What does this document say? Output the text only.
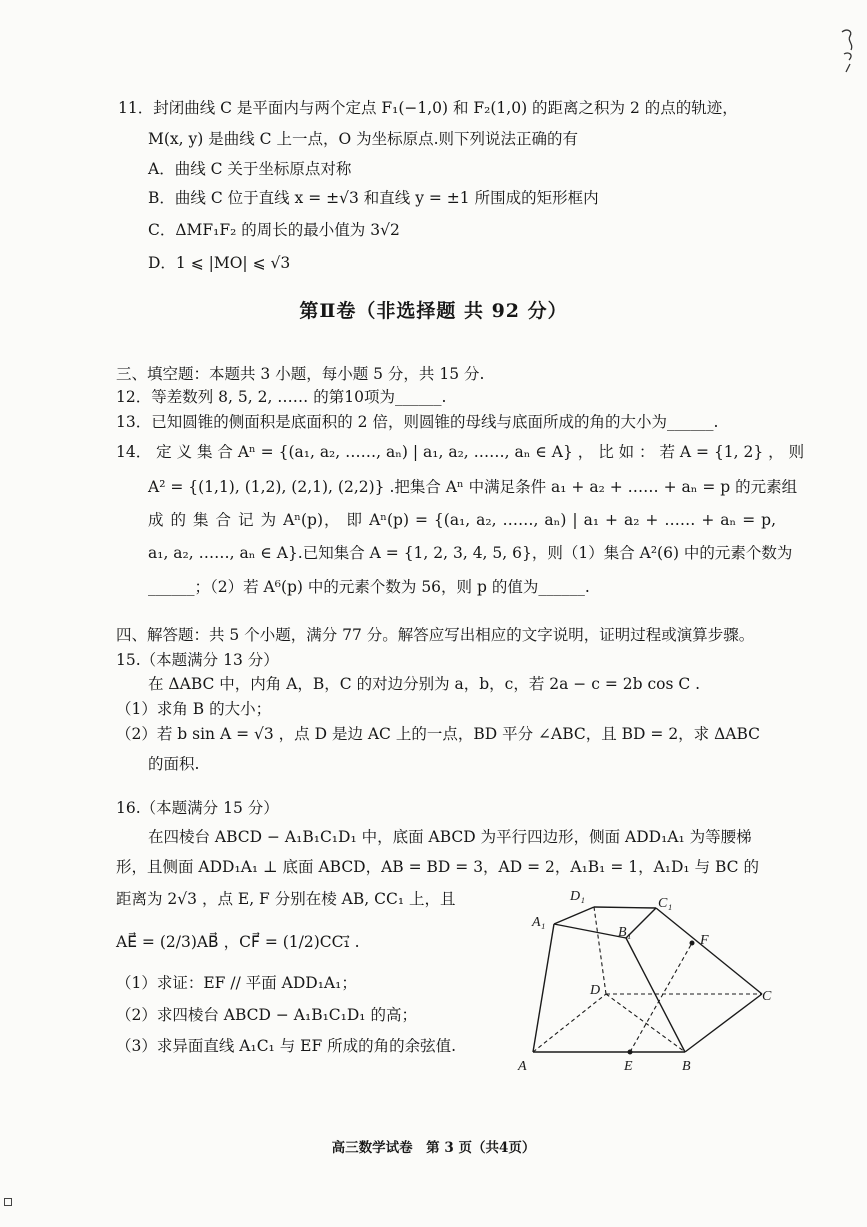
11．封闭曲线 C 是平面内与两个定点 F₁(−1,0) 和 F₂(1,0) 的距离之积为 2 的点的轨迹，
M(x, y) 是曲线 C 上一点，O 为坐标原点.则下列说法正确的有
A．曲线 C 关于坐标原点对称
B．曲线 C 位于直线 x = ±√3 和直线 y = ±1 所围成的矩形框内
C．ΔMF₁F₂ 的周长的最小值为 3√2
D．1 ⩽ |MO| ⩽ √3
第Ⅱ卷（非选择题 共 92 分）
三、填空题：本题共 3 小题，每小题 5 分，共 15 分.
12．等差数列 8, 5, 2, …… 的第10项为______.
13．已知圆锥的侧面积是底面积的 2 倍，则圆锥的母线与底面所成的角的大小为______.
14． 定 义 集 合 Aⁿ = {(a₁, a₂, ……, aₙ) | a₁, a₂, ……, aₙ ∈ A} ， 比 如 ： 若 A = {1, 2} ， 则
A² = {(1,1), (1,2), (2,1), (2,2)} .把集合 Aⁿ 中满足条件 a₁ + a₂ + …… + aₙ = p 的元素组
成 的 集 合 记 为 Aⁿ(p)， 即 Aⁿ(p) = {(a₁, a₂, ……, aₙ) | a₁ + a₂ + …… + aₙ = p,
a₁, a₂, ……, aₙ ∈ A}.已知集合 A = {1, 2, 3, 4, 5, 6}，则（1）集合 A²(6) 中的元素个数为
______；（2）若 A⁶(p) 中的元素个数为 56，则 p 的值为______.
四、解答题：共 5 个小题，满分 77 分。解答应写出相应的文字说明，证明过程或演算步骤。
15.（本题满分 13 分）
在 ΔABC 中，内角 A，B，C 的对边分别为 a，b，c，若 2a − c = 2b cos C .
（1）求角 B 的大小；
（2）若 b sin A = √3 ，点 D 是边 AC 上的一点，BD 平分 ∠ABC，且 BD = 2，求 ΔABC
的面积.
16.（本题满分 15 分）
在四棱台 ABCD − A₁B₁C₁D₁ 中，底面 ABCD 为平行四边形，侧面 ADD₁A₁ 为等腰梯
形，且侧面 ADD₁A₁ ⊥ 底面 ABCD，AB = BD = 3，AD = 2，A₁B₁ = 1，A₁D₁ 与 BC 的
距离为 2√3 ，点 E, F 分别在棱 AB, CC₁ 上，且
AE⃗ = (2/3)AB⃗ ，CF⃗ = (1/2)CC₁⃗ .
（1）求证：EF // 平面 ADD₁A₁；
（2）求四棱台 ABCD − A₁B₁C₁D₁ 的高；
（3）求异面直线 A₁C₁ 与 EF 所成的角的余弦值.
D₁	C₁
A₁
B₁
F
D	C
A	E	B
高三数学试卷　第 3 页（共4页）
